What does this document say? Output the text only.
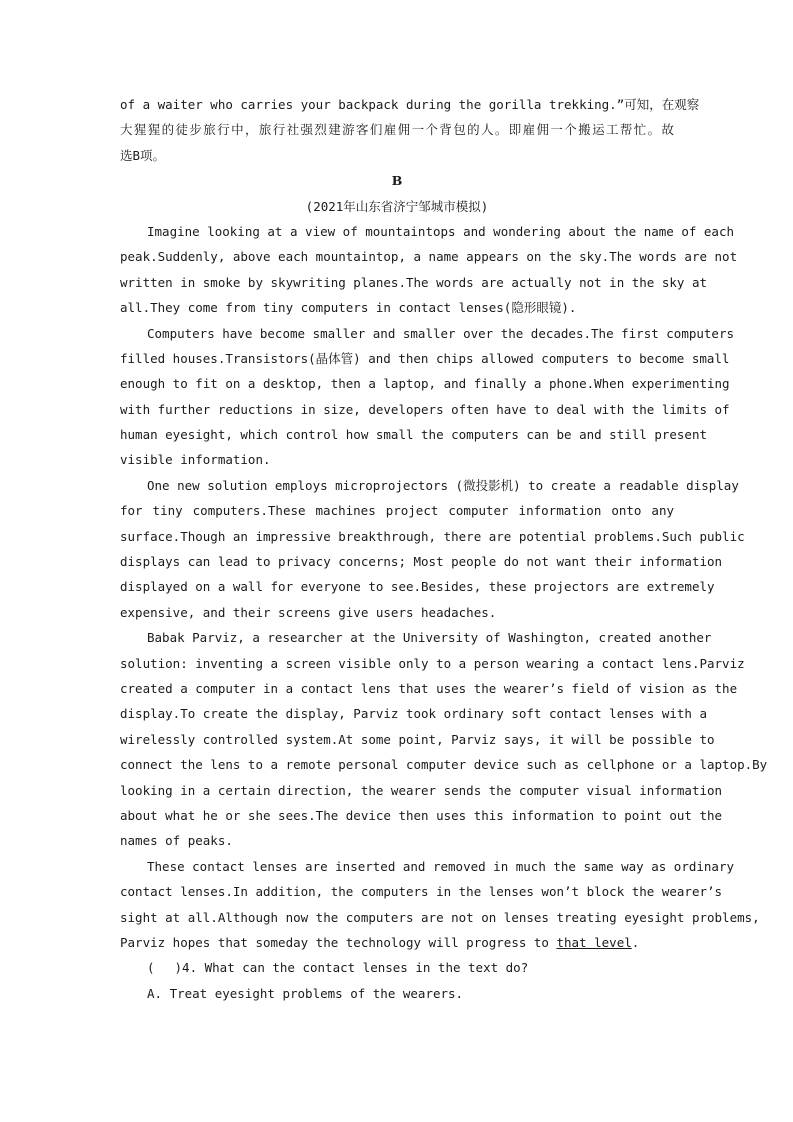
of a waiter who carries your backpack during the gorilla trekking.”可知，在观察
大猩猩的徒步旅行中，旅行社强烈建游客们雇佣一个背包的人。即雇佣一个搬运工帮忙。故
选B项。
B
(2021年山东省济宁邹城市模拟)
Imagine looking at a view of mountaintops and wondering about the name of each
peak.Suddenly, above each mountaintop, a name appears on the sky.The words are not
written in smoke by skywriting planes.The words are actually not in the sky at
all.They come from tiny computers in contact lenses(隐形眼镜).
Computers have become smaller and smaller over the decades.The first computers
filled houses.Transistors(晶体管) and then chips allowed computers to become small
enough to fit on a desktop, then a laptop, and finally a phone.When experimenting
with further reductions in size, developers often have to deal with the limits of
human eyesight, which control how small the computers can be and still present
visible information.
One new solution employs microprojectors (微投影机) to create a readable display
for tiny computers.These machines project computer information onto any
surface.Though an impressive breakthrough, there are potential problems.Such public
displays can lead to privacy concerns; Most people do not want their information
displayed on a wall for everyone to see.Besides, these projectors are extremely
expensive, and their screens give users headaches.
Babak Parviz, a researcher at the University of Washington, created another
solution: inventing a screen visible only to a person wearing a contact lens.Parviz
created a computer in a contact lens that uses the wearer’s field of vision as the
display.To create the display, Parviz took ordinary soft contact lenses with a
wirelessly controlled system.At some point, Parviz says, it will be possible to
connect the lens to a remote personal computer device such as cellphone or a laptop.By
looking in a certain direction, the wearer sends the computer visual information
about what he or she sees.The device then uses this information to point out the
names of peaks.
These contact lenses are inserted and removed in much the same way as ordinary
contact lenses.In addition, the computers in the lenses won’t block the wearer’s
sight at all.Although now the computers are not on lenses treating eyesight problems,
Parviz hopes that someday the technology will progress to that level.
( )4. What can the contact lenses in the text do?
A. Treat eyesight problems of the wearers.
